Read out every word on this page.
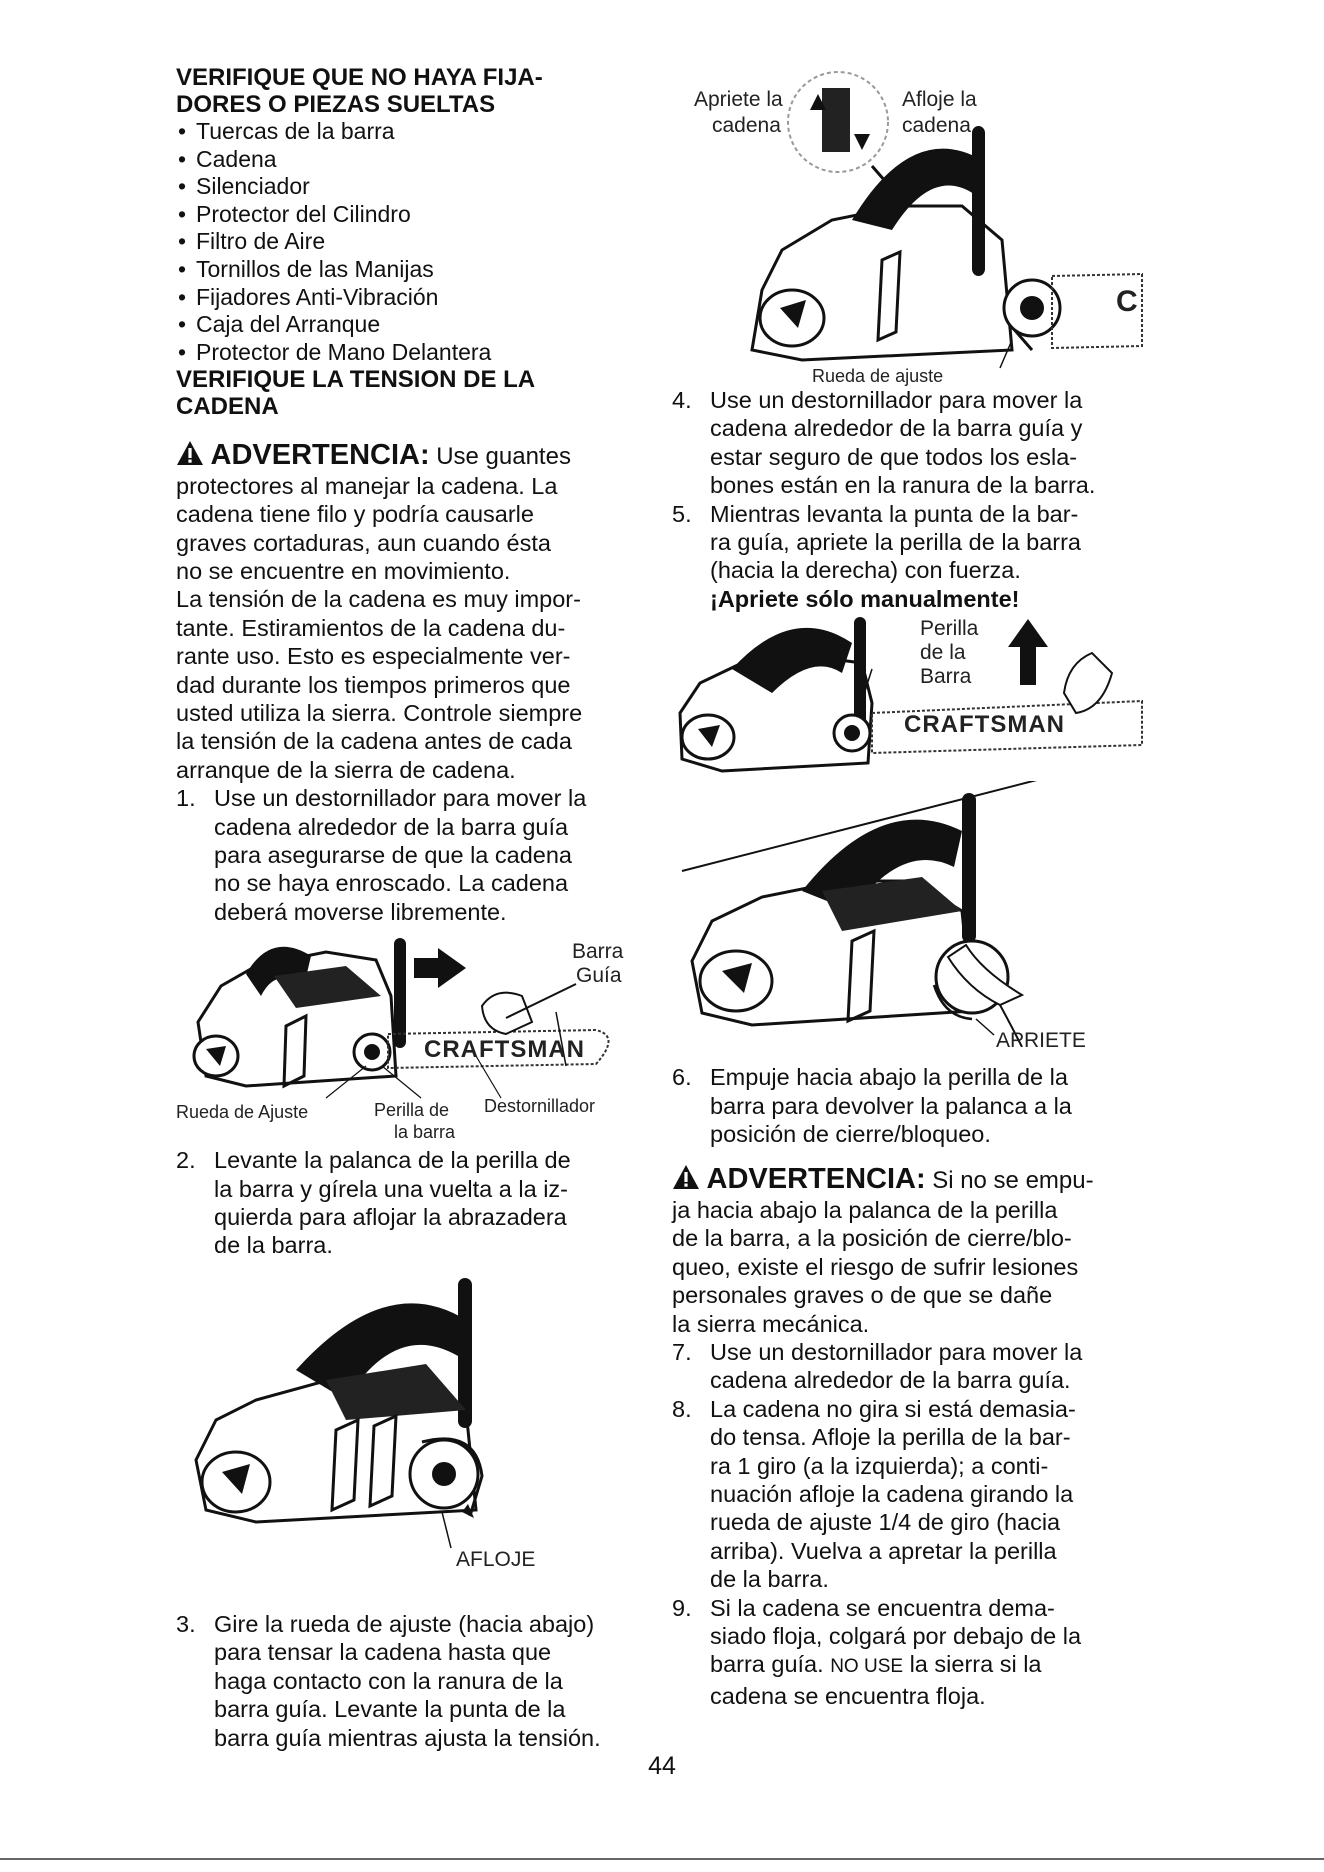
VERIFIQUE QUE NO HAYA FIJA-
DORES O PIEZAS SUELTAS
• Tuercas de la barra
• Cadena
• Silenciador
• Protector del Cilindro
• Filtro de Aire
• Tornillos de las Manijas
• Fijadores Anti-Vibración
• Caja del Arranque
• Protector de Mano Delantera
VERIFIQUE LA TENSION DE LA
CADENA
ADVERTENCIA: Use guantes

protectores al manejar la cadena. La

cadena tiene filo y podría causarle

graves cortaduras, aun cuando ésta

no se encuentre en movimiento.

La tensión de la cadena es muy impor-

tante. Estiramientos de la cadena du-

rante uso. Esto es especialmente ver-

dad durante los tiempos primeros que

usted utiliza la sierra. Controle siempre

la tensión de la cadena antes de cada

arranque de la sierra de cadena.

1. Use un destornillador para mover la

cadena alrededor de la barra guía

para asegurarse de que la cadena

no se haya enroscado. La cadena

deberá moverse libremente.

CRAFTSMAN
Barra
Guía
Rueda de Ajuste	Perilla de
la barra
Destornillador

2. Levante la palanca de la perilla de

la barra y gírela una vuelta a la iz-

quierda para aflojar la abrazadera

de la barra.

AFLOJE

3. Gire la rueda de ajuste (hacia abajo)

para tensar la cadena hasta que

haga contacto con la ranura de la

barra guía. Levante la punta de la

barra guía mientras ajusta la tensión.

Apriete la
cadena
Afloje la
cadena
C
Rueda de ajuste

4. Use un destornillador para mover la

cadena alrededor de la barra guía y

estar seguro de que todos los esla-

bones están en la ranura de la barra.

5. Mientras levanta la punta de la bar-

ra guía, apriete la perilla de la barra

(hacia la derecha) con fuerza.

¡Apriete sólo manualmente!

Perilla
de la
Barra
CRAFTSMAN
APRIETE

6. Empuje hacia abajo la perilla de la

barra para devolver la palanca a la

posición de cierre/bloqueo.

ADVERTENCIA: Si no se empu-

ja hacia abajo la palanca de la perilla

de la barra, a la posición de cierre/blo-

queo, existe el riesgo de sufrir lesiones

personales graves o de que se dañe

la sierra mecánica.

7. Use un destornillador para mover la

cadena alrededor de la barra guía.

8. La cadena no gira si está demasia-

do tensa. Afloje la perilla de la bar-

ra 1 giro (a la izquierda); a conti-

nuación afloje la cadena girando la

rueda de ajuste 1/4 de giro (hacia

arriba). Vuelva a apretar la perilla

de la barra.

9. Si la cadena se encuentra dema-

siado floja, colgará por debajo de la

barra guía. NO USE la sierra si la

cadena se encuentra floja.

44
